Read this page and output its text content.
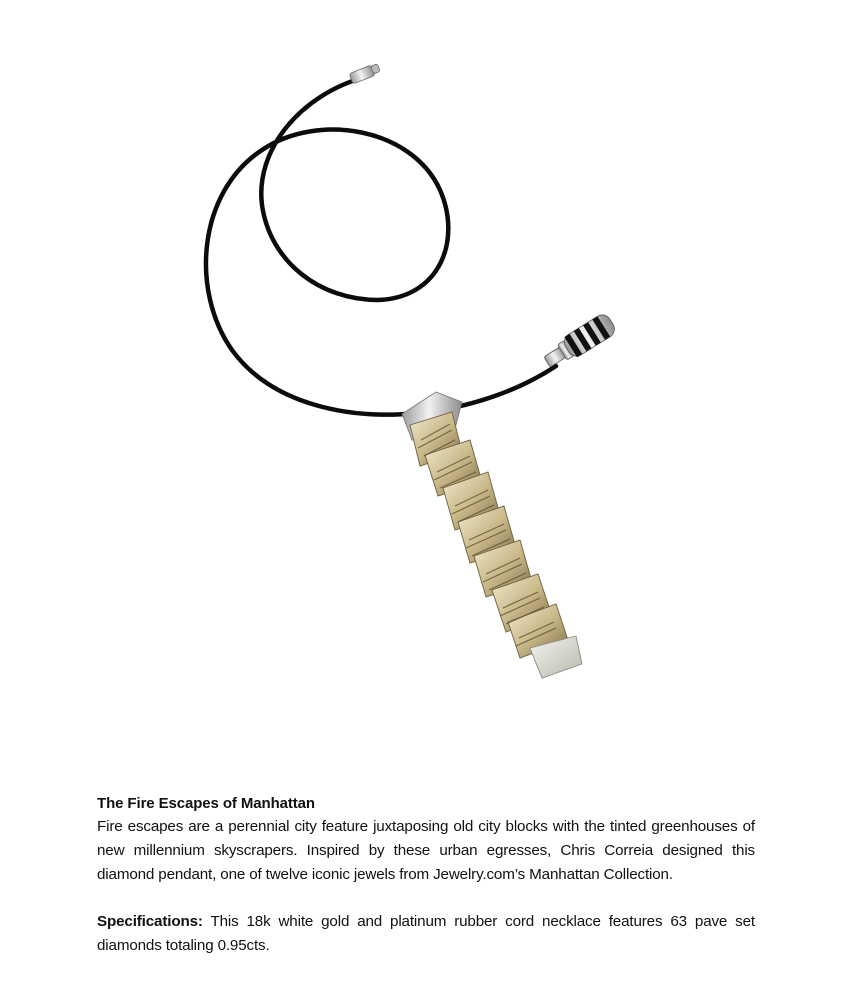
The Fire Escapes of Manhattan

Fire escapes are a perennial city feature juxtaposing old city blocks with the tinted greenhouses of new millennium skyscrapers. Inspired by these urban egresses, Chris Correia designed this diamond pendant, one of twelve iconic jewels from Jewelry.com’s Manhattan Collection.

Specifications: This 18k white gold and platinum rubber cord necklace features 63 pave set diamonds totaling 0.95cts.
